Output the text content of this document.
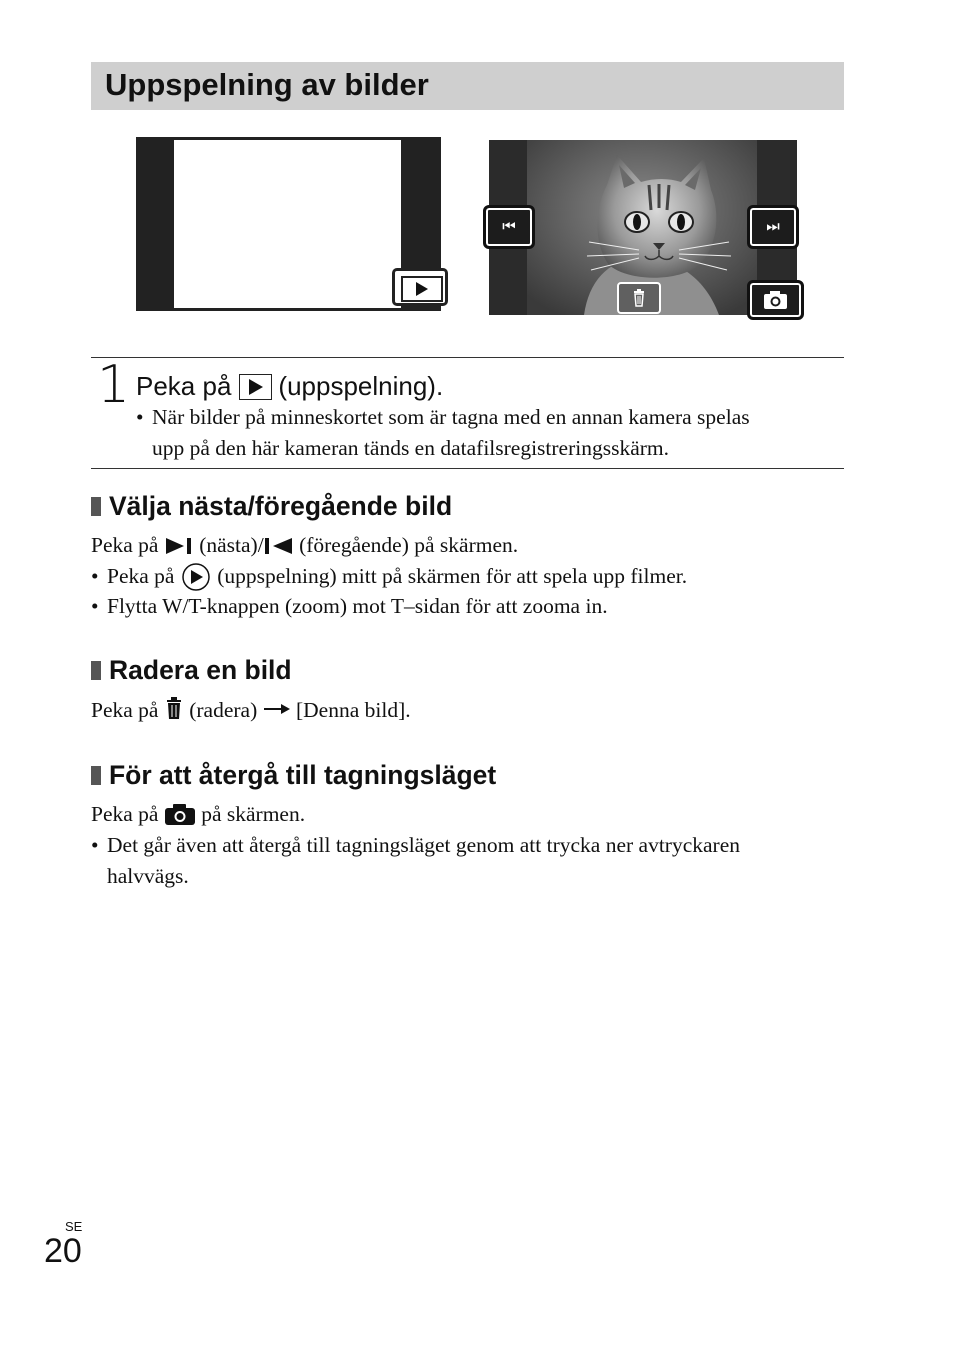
Uppspelning av bilder
⏮	⏭
1 Peka på (uppspelning).
• När bilder på minneskortet som är tagna med en annan kamera spelas
upp på den här kameran tänds en datafilsregistreringsskärm.
Välja nästa/föregående bild
Peka på (nästa)/ (föregående) på skärmen.
• Peka på (uppspelning) mitt på skärmen för att spela upp filmer.
• Flytta W/T-knappen (zoom) mot T–sidan för att zooma in.
Radera en bild
Peka på (radera) [Denna bild].
För att återgå till tagningsläget
Peka på på skärmen.
• Det går även att återgå till tagningsläget genom att trycka ner avtryckaren
halvvägs.
SE
20
